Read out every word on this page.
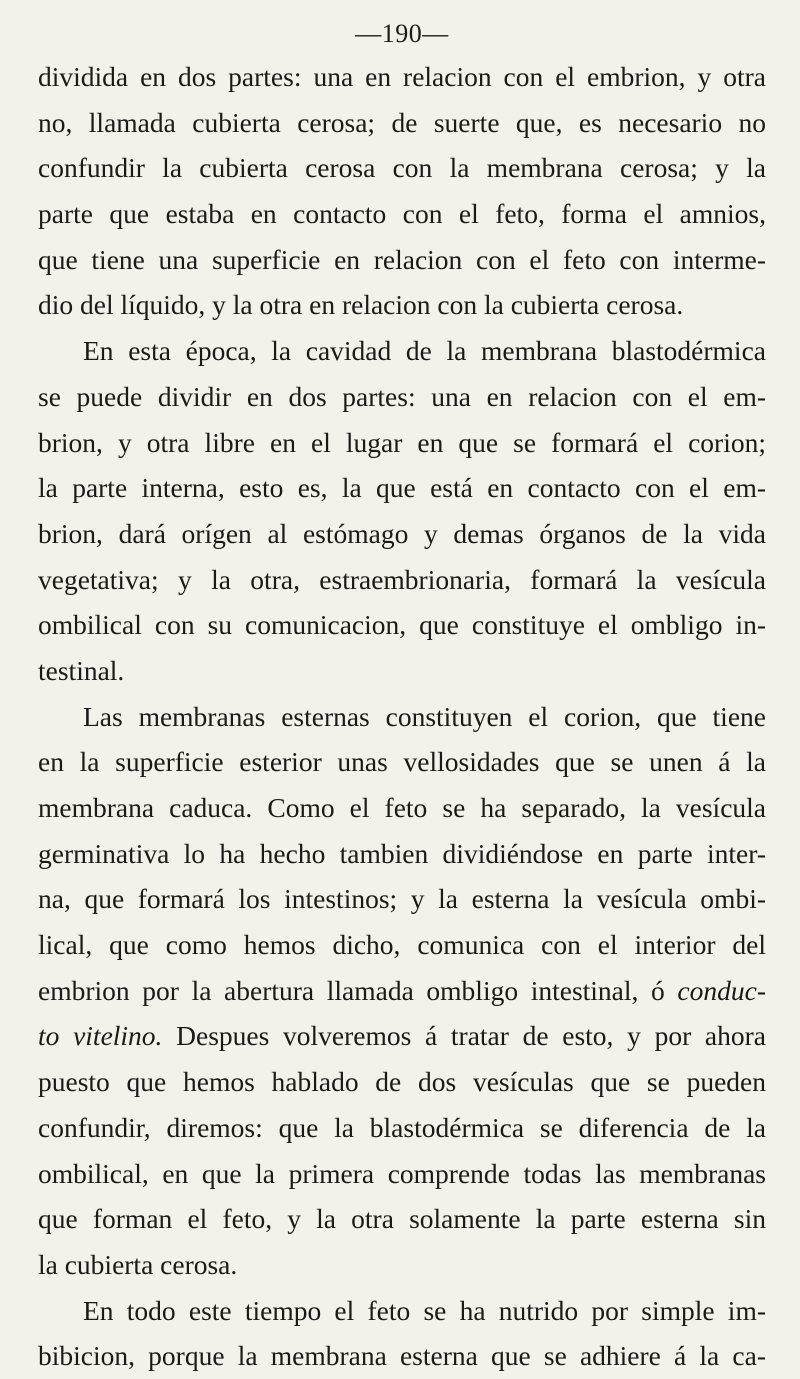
—190—
dividida en dos partes: una en relacion con el embrion, y otra
no, llamada cubierta cerosa; de suerte que, es necesario no
confundir la cubierta cerosa con la membrana cerosa; y la
parte que estaba en contacto con el feto, forma el amnios,
que tiene una superficie en relacion con el feto con interme-
dio del líquido, y la otra en relacion con la cubierta cerosa.
En esta época, la cavidad de la membrana blastodérmica
se puede dividir en dos partes: una en relacion con el em-
brion, y otra libre en el lugar en que se formará el corion;
la parte interna, esto es, la que está en contacto con el em-
brion, dará orígen al estómago y demas órganos de la vida
vegetativa; y la otra, estraembrionaria, formará la vesícula
ombilical con su comunicacion, que constituye el ombligo in-
testinal.
Las membranas esternas constituyen el corion, que tiene
en la superficie esterior unas vellosidades que se unen á la
membrana caduca. Como el feto se ha separado, la vesícula
germinativa lo ha hecho tambien dividiéndose en parte inter-
na, que formará los intestinos; y la esterna la vesícula ombi-
lical, que como hemos dicho, comunica con el interior del
embrion por la abertura llamada ombligo intestinal, ó conduc-
to vitelino. Despues volveremos á tratar de esto, y por ahora
puesto que hemos hablado de dos vesículas que se pueden
confundir, diremos: que la blastodérmica se diferencia de la
ombilical, en que la primera comprende todas las membranas
que forman el feto, y la otra solamente la parte esterna sin
la cubierta cerosa.
En todo este tiempo el feto se ha nutrido por simple im-
bibicion, porque la membrana esterna que se adhiere á la ca-
